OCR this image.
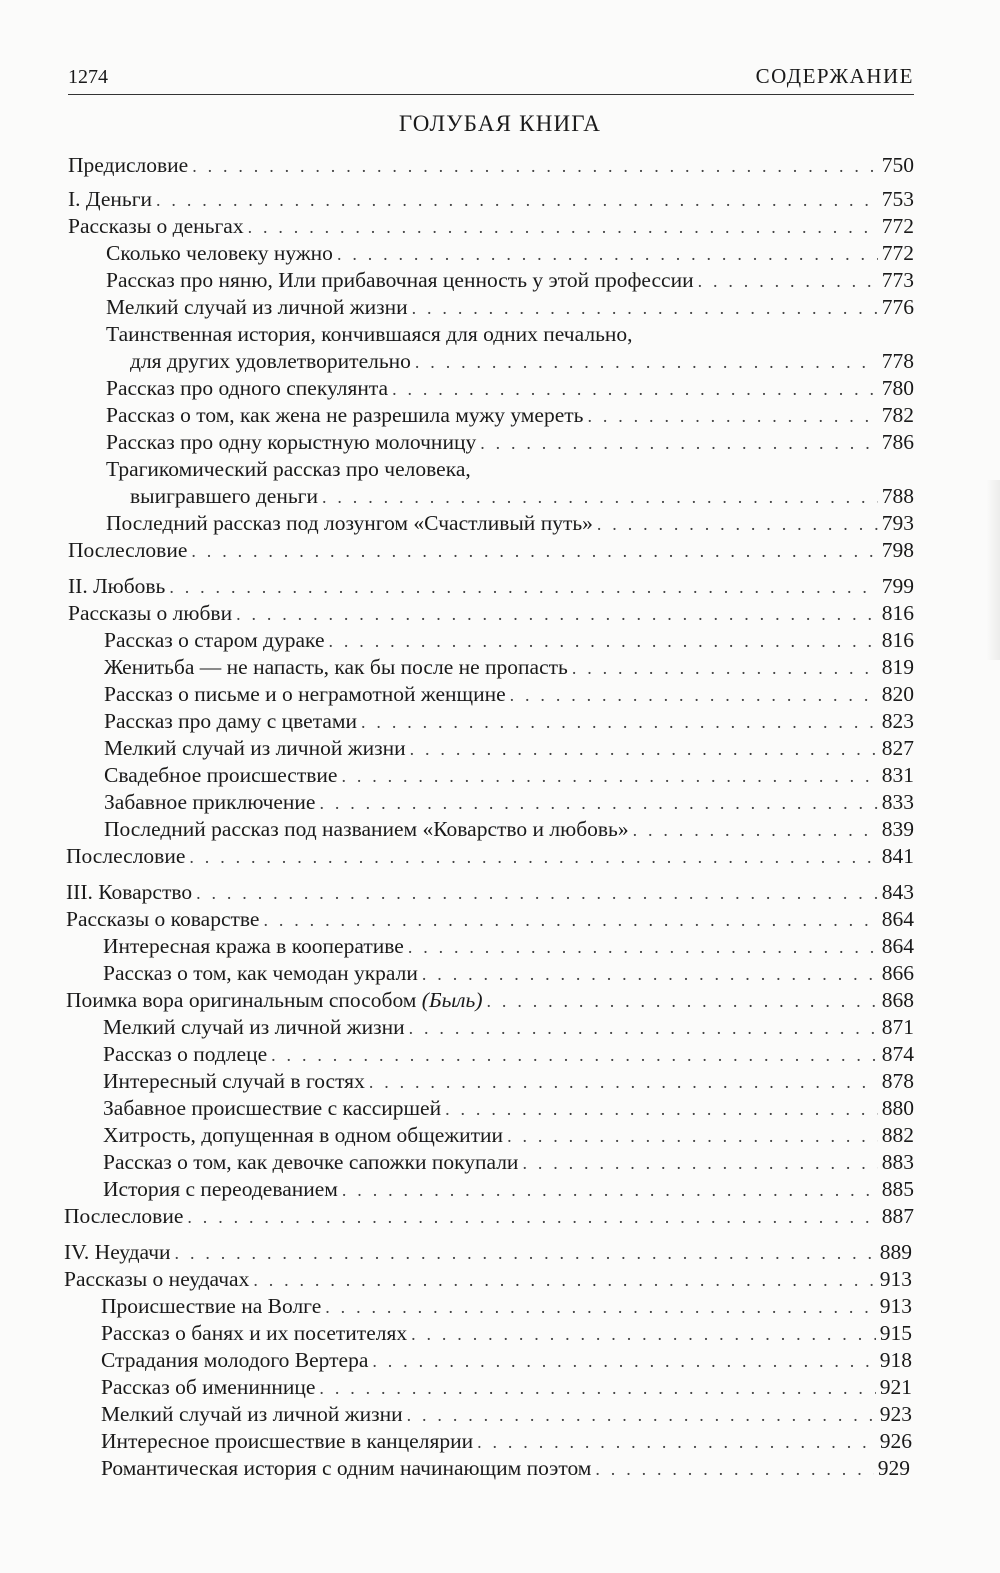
1274	СОДЕРЖАНИЕ
ГОЛУБАЯ КНИГА
Предисловие . . .	750
I. Деньги . . .	753
Рассказы о деньгах . . .	772
Сколько человеку нужно . . .	772
Рассказ про няню, Или прибавочная ценность у этой профессии . . .	773
Мелкий случай из личной жизни . . .	776
Таинственная история, кончившаяся для одних печально,
для других удовлетворительно . . .	778
Рассказ про одного спекулянта . . .	780
Рассказ о том, как жена не разрешила мужу умереть . . .	782
Рассказ про одну корыстную молочницу . . .	786
Трагикомический рассказ про человека,
выигравшего деньги . . .	788
Последний рассказ под лозунгом «Счастливый путь» . . .	793
Послесловие . . .	798
II. Любовь . . .	799
Рассказы о любви . . .	816
Рассказ о старом дураке . . .	816
Женитьба — не напасть, как бы после не пропасть . . .	819
Рассказ о письме и о неграмотной женщине . . .	820
Рассказ про даму с цветами . . .	823
Мелкий случай из личной жизни . . .	827
Свадебное происшествие . . .	831
Забавное приключение . . .	833
Последний рассказ под названием «Коварство и любовь» . . .	839
Послесловие . . .	841
III. Коварство . . .	843
Рассказы о коварстве . . .	864
Интересная кража в кооперативе . . .	864
Рассказ о том, как чемодан украли . . .	866
Поимка вора оригинальным способом (Быль) . . .	868
Мелкий случай из личной жизни . . .	871
Рассказ о подлеце . . .	874
Интересный случай в гостях . . .	878
Забавное происшествие с кассиршей . . .	880
Хитрость, допущенная в одном общежитии . . .	882
Рассказ о том, как девочке сапожки покупали . . .	883
История с переодеванием . . .	885
Послесловие . . .	887
IV. Неудачи . . .	889
Рассказы о неудачах . . .	913
Происшествие на Волге . . .	913
Рассказ о банях и их посетителях . . .	915
Страдания молодого Вертера . . .	918
Рассказ об имениннице . . .	921
Мелкий случай из личной жизни . . .	923
Интересное происшествие в канцелярии . . .	926
Романтическая история с одним начинающим поэтом . . .	929
